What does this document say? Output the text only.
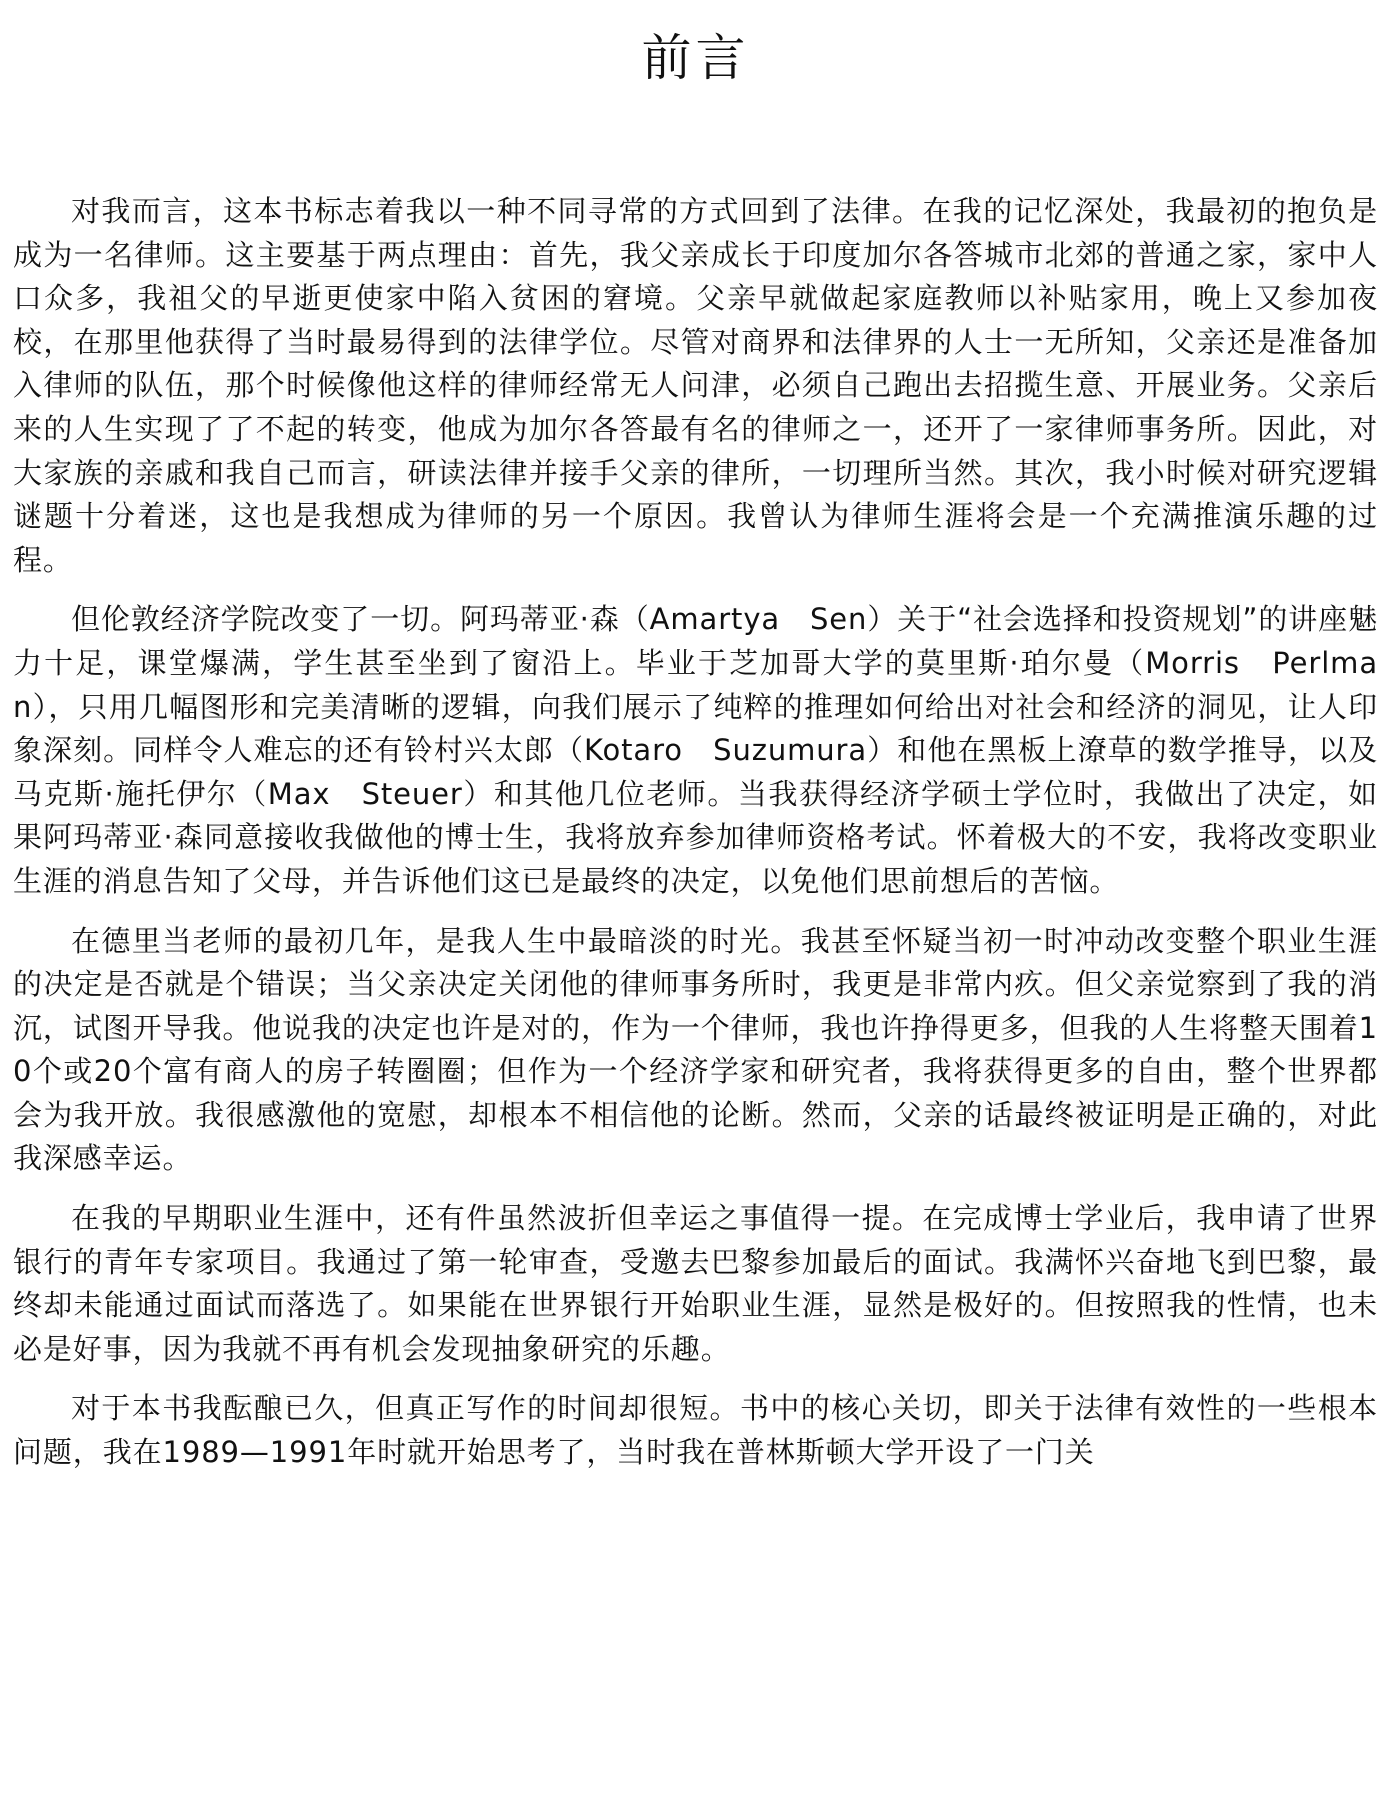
前言

对我而言，这本书标志着我以一种不同寻常的方式回到了法律。在我的记忆深处，我最初的抱负是成为一名律师。这主要基于两点理由：首先，我父亲成长于印度加尔各答城市北郊的普通之家，家中人口众多，我祖父的早逝更使家中陷入贫困的窘境。父亲早就做起家庭教师以补贴家用，晚上又参加夜校，在那里他获得了当时最易得到的法律学位。尽管对商界和法律界的人士一无所知，父亲还是准备加入律师的队伍，那个时候像他这样的律师经常无人问津，必须自己跑出去招揽生意、开展业务。父亲后来的人生实现了了不起的转变，他成为加尔各答最有名的律师之一，还开了一家律师事务所。因此，对大家族的亲戚和我自己而言，研读法律并接手父亲的律所，一切理所当然。其次，我小时候对研究逻辑谜题十分着迷，这也是我想成为律师的另一个原因。我曾认为律师生涯将会是一个充满推演乐趣的过程。

但伦敦经济学院改变了一切。阿玛蒂亚·森（Amartya　Sen）关于“社会选择和投资规划”的讲座魅力十足，课堂爆满，学生甚至坐到了窗沿上。毕业于芝加哥大学的莫里斯·珀尔曼（Morris　Perlman），只用几幅图形和完美清晰的逻辑，向我们展示了纯粹的推理如何给出对社会和经济的洞见，让人印象深刻。同样令人难忘的还有铃村兴太郎（Kotaro　Suzumura）和他在黑板上潦草的数学推导，以及马克斯·施托伊尔（Max　Steuer）和其他几位老师。当我获得经济学硕士学位时，我做出了决定，如果阿玛蒂亚·森同意接收我做他的博士生，我将放弃参加律师资格考试。怀着极大的不安，我将改变职业生涯的消息告知了父母，并告诉他们这已是最终的决定，以免他们思前想后的苦恼。

在德里当老师的最初几年，是我人生中最暗淡的时光。我甚至怀疑当初一时冲动改变整个职业生涯的决定是否就是个错误；当父亲决定关闭他的律师事务所时，我更是非常内疚。但父亲觉察到了我的消沉，试图开导我。他说我的决定也许是对的，作为一个律师，我也许挣得更多，但我的人生将整天围着10个或20个富有商人的房子转圈圈；但作为一个经济学家和研究者，我将获得更多的自由，整个世界都会为我开放。我很感激他的宽慰，却根本不相信他的论断。然而，父亲的话最终被证明是正确的，对此我深感幸运。

在我的早期职业生涯中，还有件虽然波折但幸运之事值得一提。在完成博士学业后，我申请了世界银行的青年专家项目。我通过了第一轮审查，受邀去巴黎参加最后的面试。我满怀兴奋地飞到巴黎，最终却未能通过面试而落选了。如果能在世界银行开始职业生涯，显然是极好的。但按照我的性情，也未必是好事，因为我就不再有机会发现抽象研究的乐趣。

对于本书我酝酿已久，但真正写作的时间却很短。书中的核心关切，即关于法律有效性的一些根本问题，我在1989—1991年时就开始思考了，当时我在普林斯顿大学开设了一门关
